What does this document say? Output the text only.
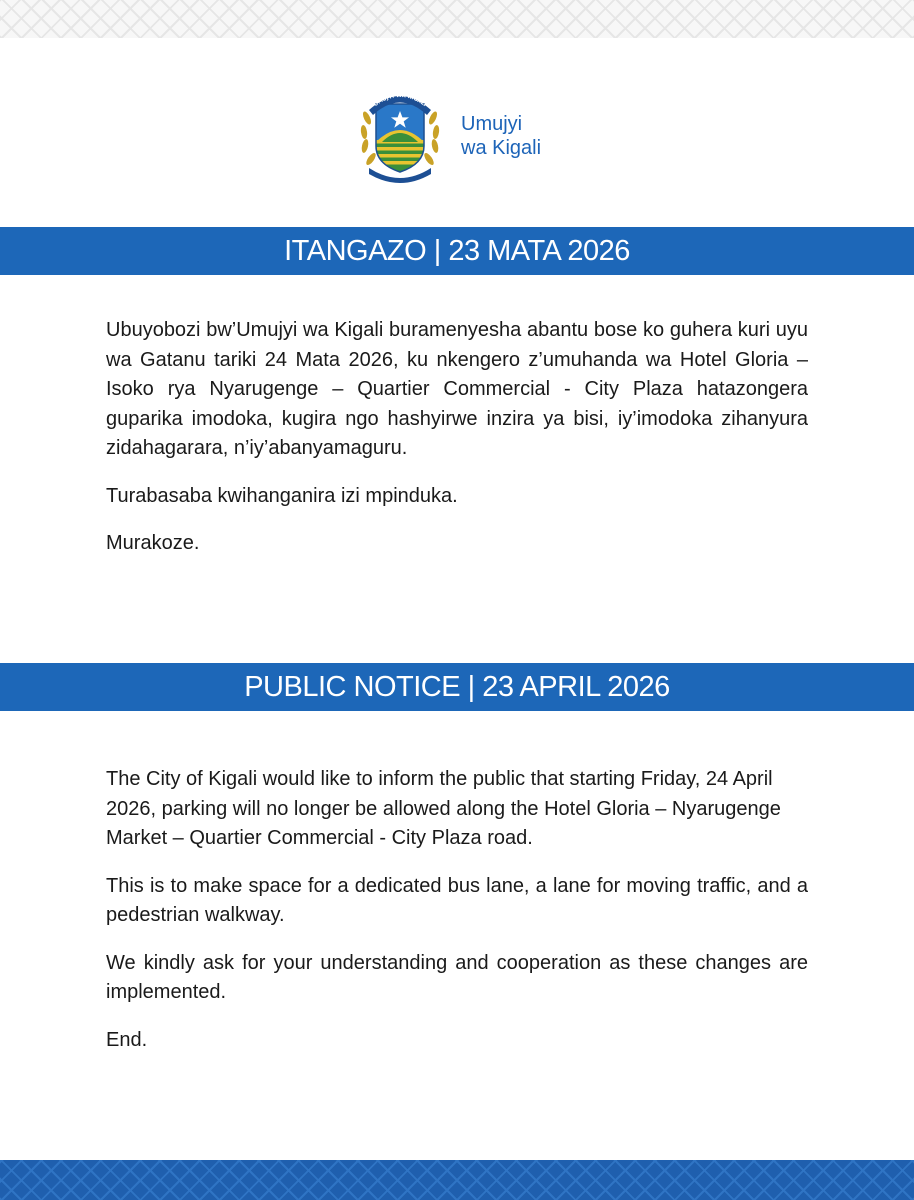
UMUJYI WA KIGALI
Serivisi zihuse kandi zinoze
Umujyi
wa Kigali
ITANGAZO | 23 MATA 2026

Ubuyobozi bw’Umujyi wa Kigali buramenyesha abantu bose ko guhera kuri uyu wa Gatanu tariki 24 Mata 2026, ku nkengero z’umuhanda wa Hotel Gloria – Isoko rya Nyarugenge – Quartier Commercial - City Plaza hatazongera guparika imodoka, kugira ngo hashyirwe inzira ya bisi, iy’imodoka zihanyura zidahagarara, n’iy’abanyamaguru.

Turabasaba kwihanganira izi mpinduka.

Murakoze.

PUBLIC NOTICE | 23 APRIL 2026

The City of Kigali would like to inform the public that starting Friday, 24 April 2026, parking will no longer be allowed along the Hotel Gloria – Nyarugenge Market – Quartier Commercial - City Plaza road.

This is to make space for a dedicated bus lane, a lane for moving traffic, and a pedestrian walkway.

We kindly ask for your understanding and cooperation as these changes are implemented.

End.
